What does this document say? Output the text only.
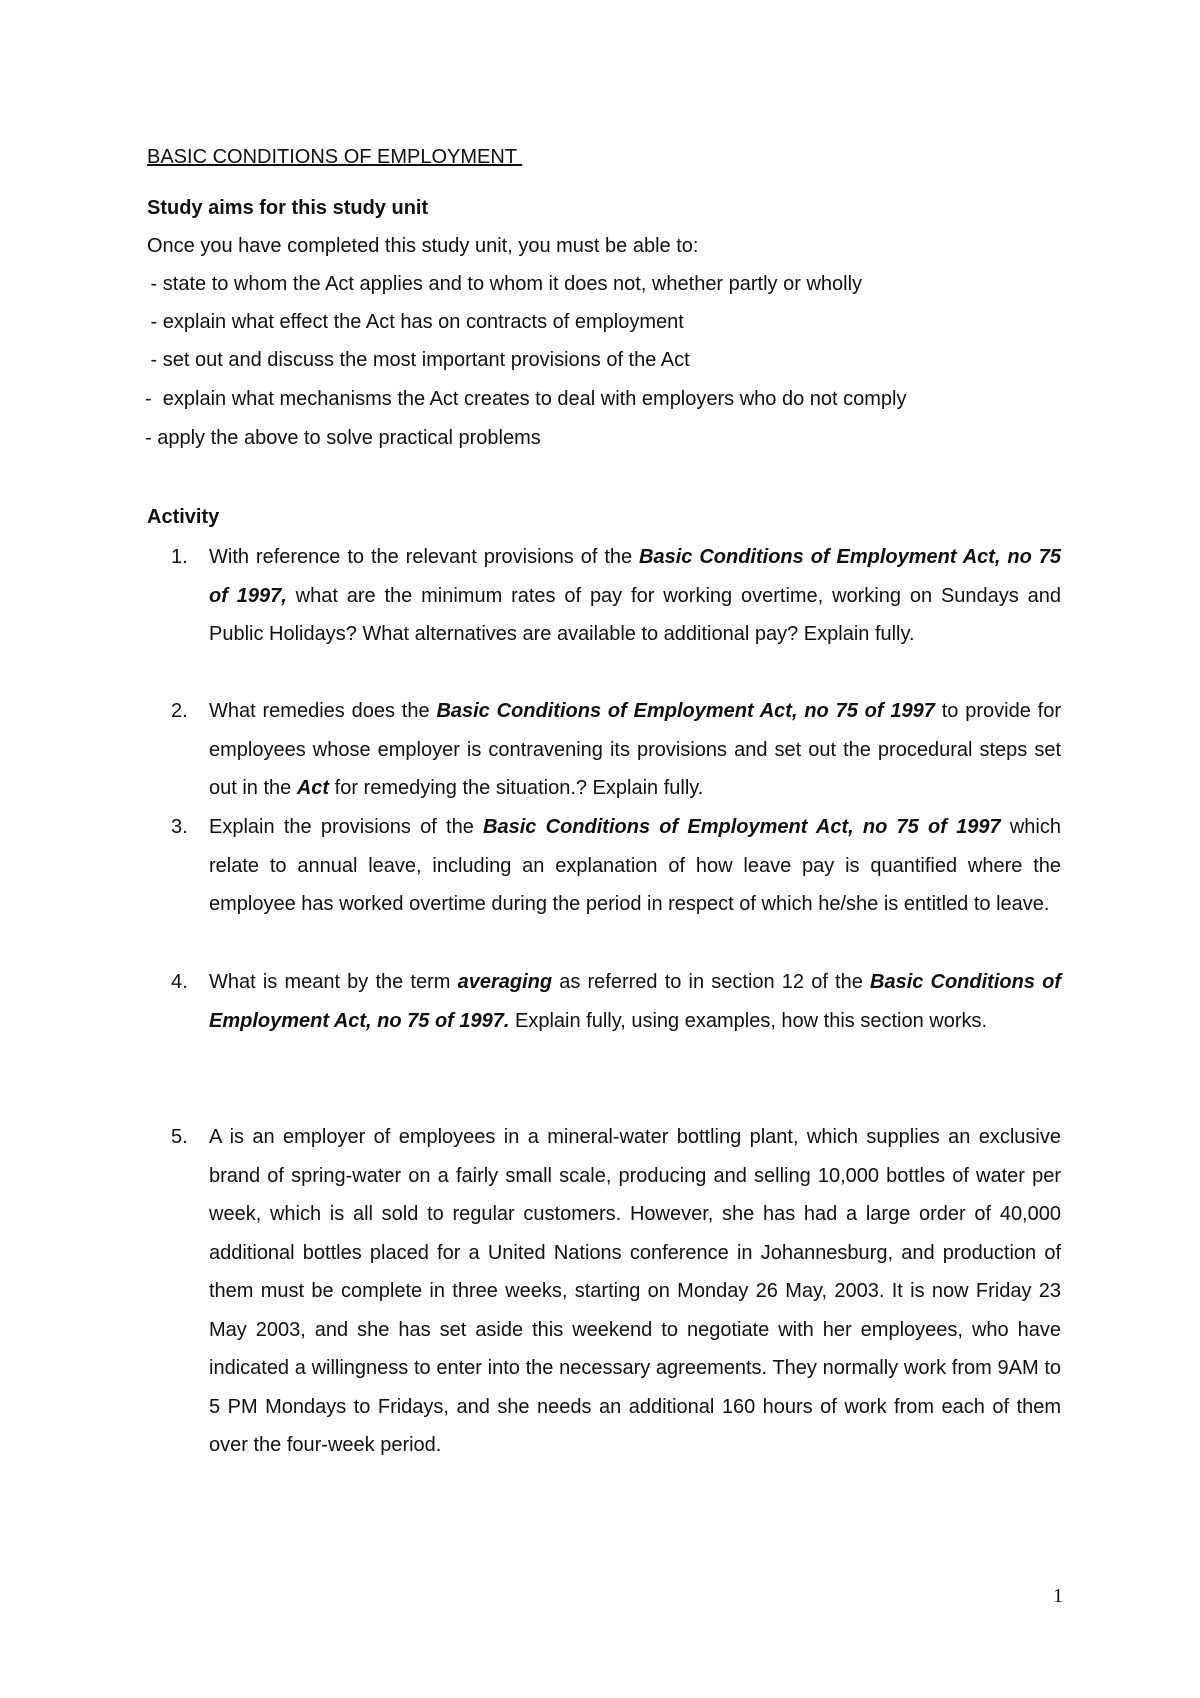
BASIC CONDITIONS OF EMPLOYMENT
Study aims for this study unit
Once you have completed this study unit, you must be able to:
- state to whom the Act applies and to whom it does not, whether partly or wholly
- explain what effect the Act has on contracts of employment
- set out and discuss the most important provisions of the Act
-  explain what mechanisms the Act creates to deal with employers who do not comply
- apply the above to solve practical problems
Activity
1.	With reference to the relevant provisions of the Basic Conditions of Employment Act, no 75 of 1997, what are the minimum rates of pay for working overtime, working on Sundays and Public Holidays? What alternatives are available to additional pay? Explain fully.
2.	What remedies does the Basic Conditions of Employment Act, no 75 of 1997 to provide for employees whose employer is contravening its provisions and set out the procedural steps set out in the Act for remedying the situation.? Explain fully.
3.	Explain the provisions of the Basic Conditions of Employment Act, no 75 of 1997 which relate to annual leave, including an explanation of how leave pay is quantified where the employee has worked overtime during the period in respect of which he/she is entitled to leave.
4.	What is meant by the term averaging as referred to in section 12 of the Basic Conditions of Employment Act, no 75 of 1997. Explain fully, using examples, how this section works.
5.	A is an employer of employees in a mineral-water bottling plant, which supplies an exclusive brand of spring-water on a fairly small scale, producing and selling 10,000 bottles of water per week, which is all sold to regular customers. However, she has had a large order of 40,000 additional bottles placed for a United Nations conference in Johannesburg, and production of them must be complete in three weeks, starting on Monday 26 May, 2003. It is now Friday 23 May 2003, and she has set aside this weekend to negotiate with her employees, who have indicated a willingness to enter into the necessary agreements. They normally work from 9AM to 5 PM Mondays to Fridays, and she needs an additional 160 hours of work from each of them over the four-week period.
1
